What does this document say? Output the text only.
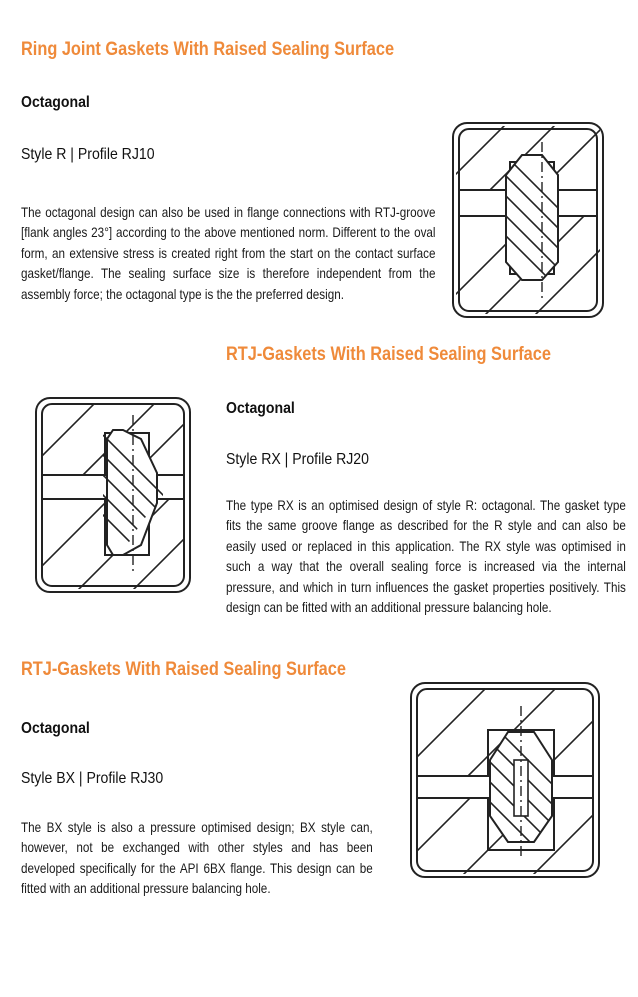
Ring Joint Gaskets With Raised Sealing Surface
Octagonal

Style R | Profile RJ10

The octagonal design can also be used in flange connections with RTJ-groove [flank angles 23°] according to the above mentioned norm. Different to the oval form, an extensive stress is created right from the start on the contact surface gasket/flange. The sealing surface size is therefore independent from the assembly force; the octagonal type is the the preferred design.

RTJ-Gaskets With Raised Sealing Surface
Octagonal

Style RX | Profile RJ20

The type RX is an optimised design of style R: octagonal. The gasket type fits the same groove flange as described for the R style and can also be easily used or replaced in this application. The RX style was optimised in such a way that the overall sealing force is increased via the internal pressure, and which in turn influences the gasket properties positively. This design can be fitted with an additional pressure balancing hole.

RTJ-Gaskets With Raised Sealing Surface
Octagonal

Style BX | Profile RJ30

The BX style is also a pressure optimised design; BX style can, however, not be exchanged with other styles and has been developed specifically for the API 6BX flange. This design can be fitted with an additional pressure balancing hole.
